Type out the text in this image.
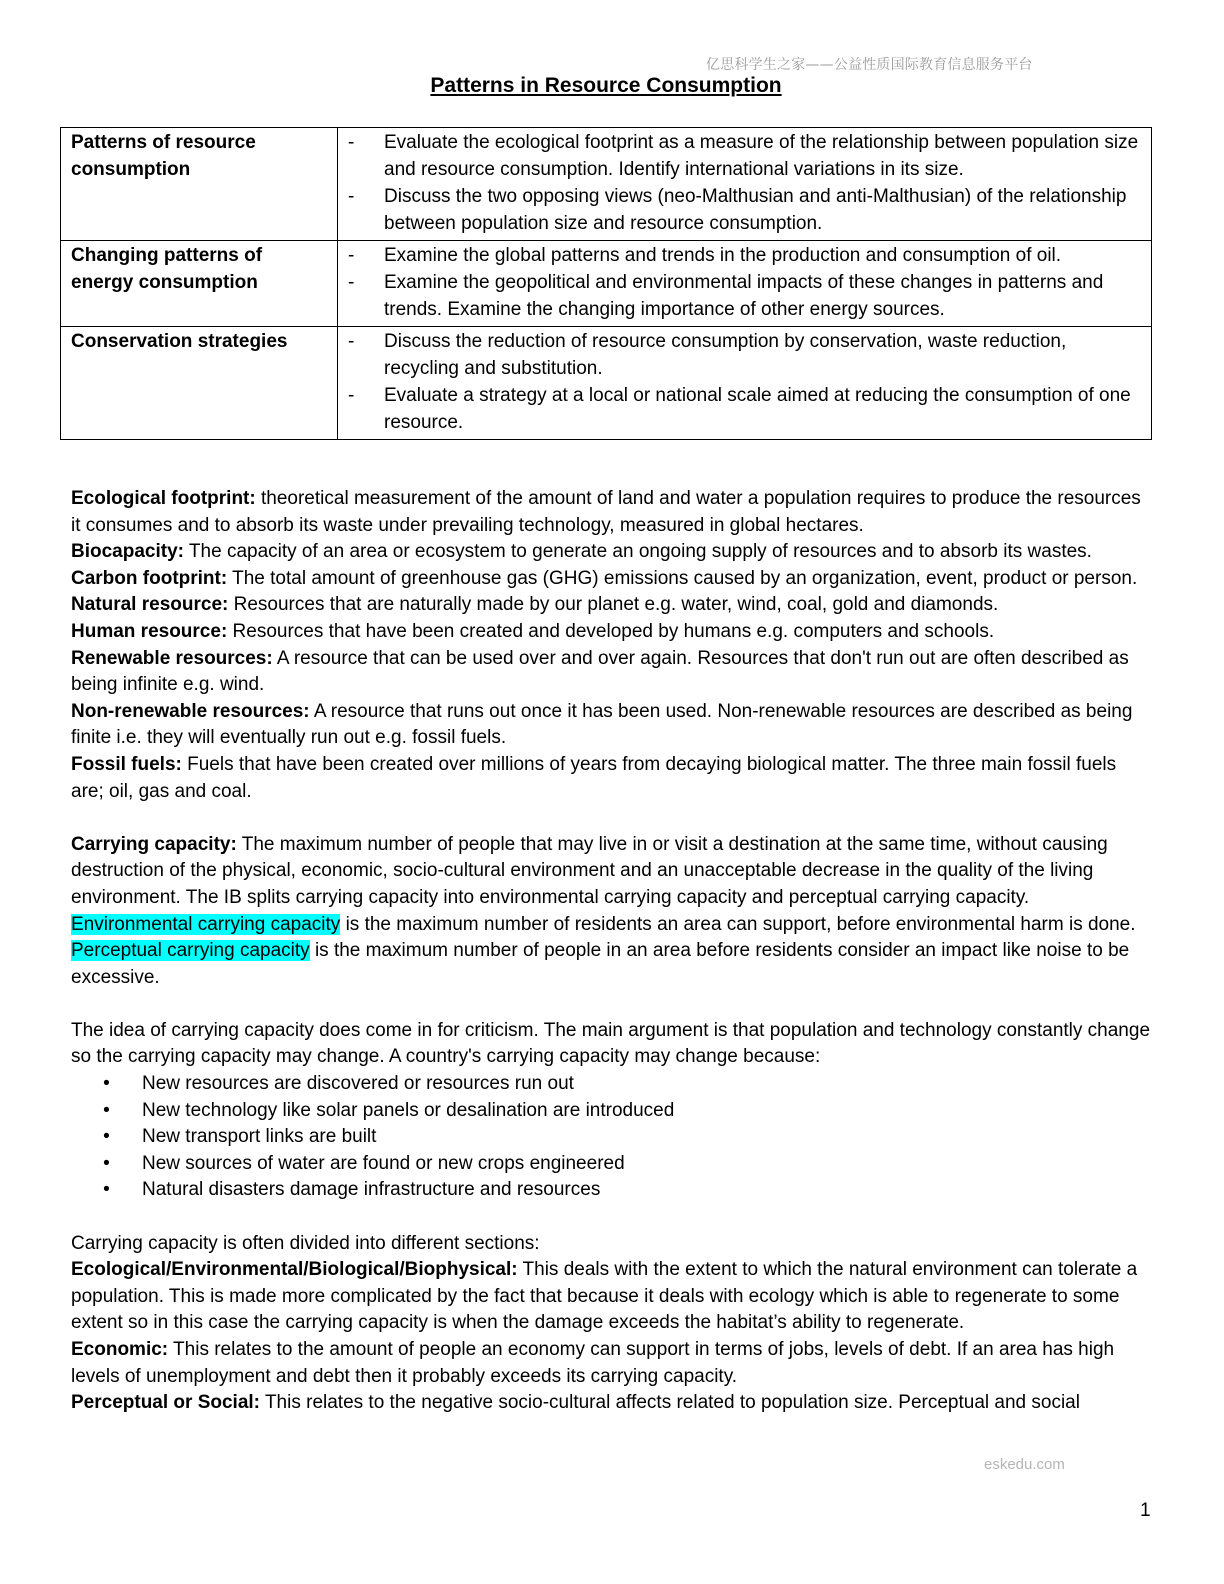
亿思科学生之家——公益性质国际教育信息服务平台
Patterns in Resource Consumption
Patterns of resource consumption	- Evaluate the ecological footprint as a measure of the relationship between population size and resource consumption. Identify international variations in its size.
- Discuss the two opposing views (neo-Malthusian and anti-Malthusian) of the relationship between population size and resource consumption.

Changing patterns of energy consumption	- Examine the global patterns and trends in the production and consumption of oil.
- Examine the geopolitical and environmental impacts of these changes in patterns and trends. Examine the changing importance of other energy sources.

Conservation strategies	- Discuss the reduction of resource consumption by conservation, waste reduction, recycling and substitution.
- Evaluate a strategy at a local or national scale aimed at reducing the consumption of one resource.

Ecological footprint: theoretical measurement of the amount of land and water a population requires to produce the resources it consumes and to absorb its waste under prevailing technology, measured in global hectares.

Biocapacity: The capacity of an area or ecosystem to generate an ongoing supply of resources and to absorb its wastes.

Carbon footprint: The total amount of greenhouse gas (GHG) emissions caused by an organization, event, product or person.

Natural resource: Resources that are naturally made by our planet e.g. water, wind, coal, gold and diamonds.

Human resource: Resources that have been created and developed by humans e.g. computers and schools.

Renewable resources: A resource that can be used over and over again. Resources that don't run out are often described as being infinite e.g. wind.

Non-renewable resources: A resource that runs out once it has been used. Non-renewable resources are described as being finite i.e. they will eventually run out e.g. fossil fuels.

Fossil fuels: Fuels that have been created over millions of years from decaying biological matter. The three main fossil fuels are; oil, gas and coal.

Carrying capacity: The maximum number of people that may live in or visit a destination at the same time, without causing destruction of the physical, economic, socio-cultural environment and an unacceptable decrease in the quality of the living environment. The IB splits carrying capacity into environmental carrying capacity and perceptual carrying capacity. Environmental carrying capacity is the maximum number of residents an area can support, before environmental harm is done. Perceptual carrying capacity is the maximum number of people in an area before residents consider an impact like noise to be excessive.

The idea of carrying capacity does come in for criticism. The main argument is that population and technology constantly change so the carrying capacity may change. A country's carrying capacity may change because:

•	New resources are discovered or resources run out
•	New technology like solar panels or desalination are introduced
•	New transport links are built
•	New sources of water are found or new crops engineered
•	Natural disasters damage infrastructure and resources

Carrying capacity is often divided into different sections:

Ecological/Environmental/Biological/Biophysical: This deals with the extent to which the natural environment can tolerate a population. This is made more complicated by the fact that because it deals with ecology which is able to regenerate to some extent so in this case the carrying capacity is when the damage exceeds the habitat’s ability to regenerate.

Economic: This relates to the amount of people an economy can support in terms of jobs, levels of debt. If an area has high levels of unemployment and debt then it probably exceeds its carrying capacity.

Perceptual or Social: This relates to the negative socio-cultural affects related to population size. Perceptual and social

eskedu.com
1
